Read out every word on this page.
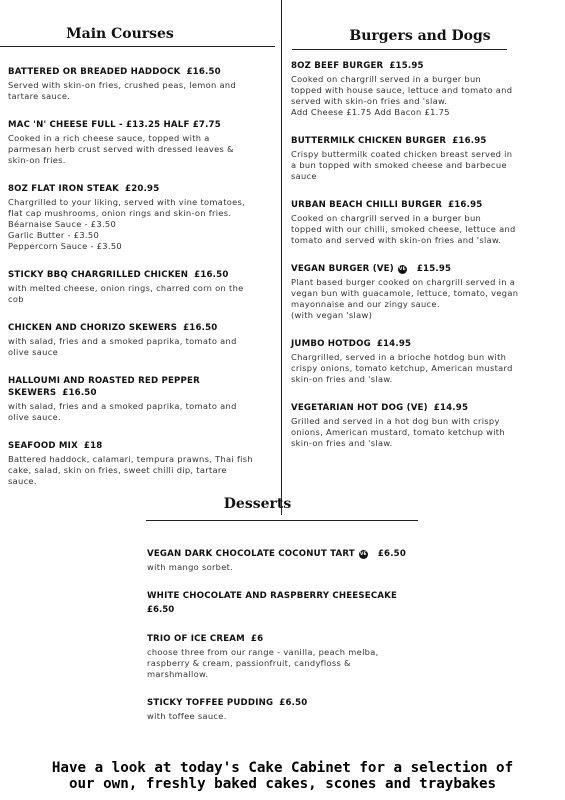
Main Courses	Burgers and Dogs
Desserts
BATTERED OR BREADED HADDOCK £16.50
Served with skin-on fries, crushed peas, lemon and
tartare sauce.
MAC 'N' CHEESE FULL - £13.25 HALF £7.75
Cooked in a rich cheese sauce, topped with a
parmesan herb crust served with dressed leaves &
skin-on fries.
8OZ FLAT IRON STEAK £20.95
Chargrilled to your liking, served with vine tomatoes,
flat cap mushrooms, onion rings and skin-on fries.
Béarnaise Sauce - £3.50
Garlic Butter - £3.50
Peppercorn Sauce - £3.50
STICKY BBQ CHARGRILLED CHICKEN £16.50
with melted cheese, onion rings, charred corn on the
cob
CHICKEN AND CHORIZO SKEWERS £16.50
with salad, fries and a smoked paprika, tomato and
olive sauce
HALLOUMI AND ROASTED RED PEPPER SKEWERS £16.50
with salad, fries and a smoked paprika, tomato and
olive sauce.
SEAFOOD MIX £18
Battered haddock, calamari, tempura prawns, Thai fish
cake, salad, skin on fries, sweet chilli dip, tartare
sauce.
8OZ BEEF BURGER £15.95
Cooked on chargrill served in a burger bun
topped with house sauce, lettuce and tomato and
served with skin-on fries and 'slaw.
Add Cheese £1.75 Add Bacon £1.75
BUTTERMILK CHICKEN BURGER £16.95
Crispy buttermilk coated chicken breast served in
a bun topped with smoked cheese and barbecue
sauce
URBAN BEACH CHILLI BURGER £16.95
Cooked on chargrill served in a burger bun
topped with our chilli, smoked cheese, lettuce and
tomato and served with skin-on fries and 'slaw.
VEGAN BURGER (VE) VE £15.95
Plant based burger cooked on chargrill served in a
vegan bun with guacamole, lettuce, tomato, vegan
mayonnaise and our zingy sauce.
(with vegan 'slaw)
JUMBO HOTDOG £14.95
Chargrilled, served in a brioche hotdog bun with
crispy onions, tomato ketchup, American mustard
skin-on fries and 'slaw.
VEGETARIAN HOT DOG (VE) £14.95
Grilled and served in a hot dog bun with crispy
onions, American mustard, tomato ketchup with
skin-on fries and 'slaw.
VEGAN DARK CHOCOLATE COCONUT TART VE £6.50
with mango sorbet.
WHITE CHOCOLATE AND RASPBERRY CHEESECAKE
£6.50
TRIO OF ICE CREAM £6
choose three from our range - vanilla, peach melba,
raspberry & cream, passionfruit, candyfloss &
marshmallow.
STICKY TOFFEE PUDDING £6.50
with toffee sauce.
Have a look at today's Cake Cabinet for a selection of
our own, freshly baked cakes, scones and traybakes
